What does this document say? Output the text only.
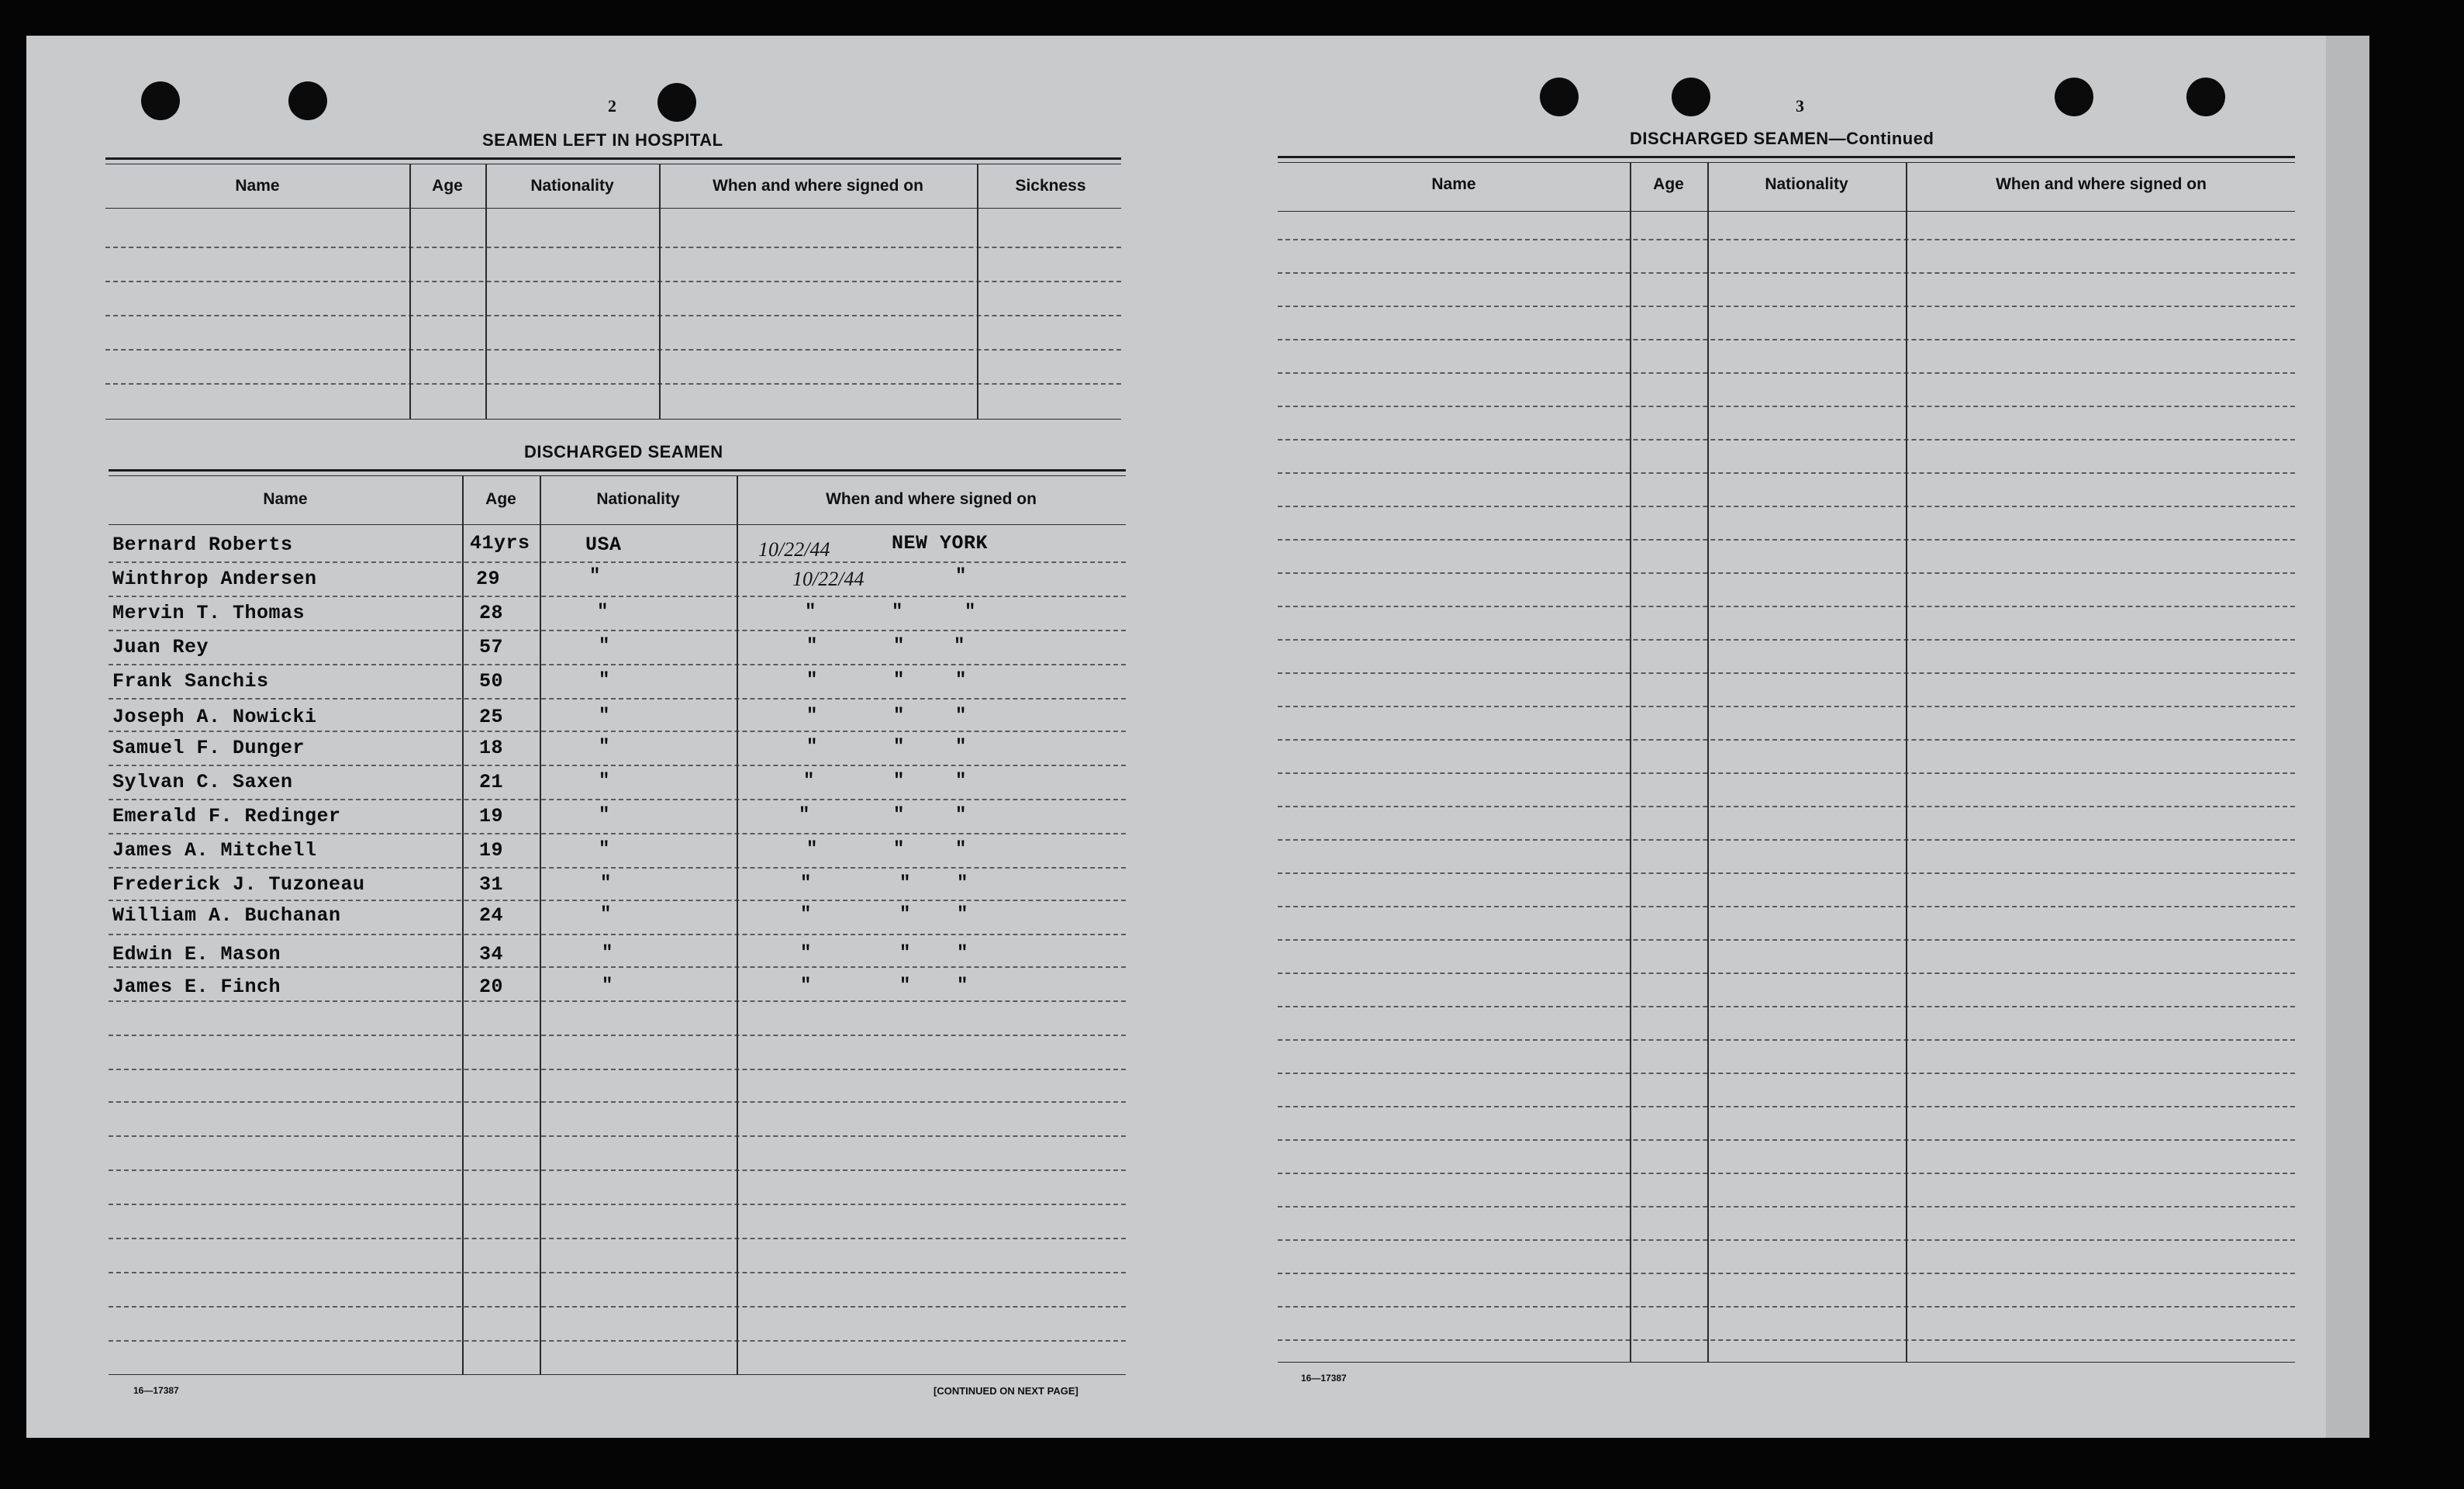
2
SEAMEN LEFT IN HOSPITAL
Name	Age	Nationality	When and where signed on	Sickness
DISCHARGED SEAMEN
Name	Age	Nationality	When and where signed on
Bernard Roberts	41yrs	USA	10/22/44	NEW YORK
Winthrop Andersen	29	"	10/22/44	"
Mervin T. Thomas	28	"	"	"	"
Juan Rey	57	"	"	"	"
Frank Sanchis	50	"	"	"	"
Joseph A. Nowicki	25	"	"	"	"
Samuel F. Dunger	18	"	"	"	"
Sylvan C. Saxen	21	"	"	"	"
Emerald F. Redinger	19	"	"	"	"
James A. Mitchell	19	"	"	"	"
Frederick J. Tuzoneau	31	"	"	" "
William A. Buchanan	24	"	"	" "
Edwin E. Mason	34	"	"	" "
James E. Finch	20	"	"	" "
16—17387	[CONTINUED ON NEXT PAGE]
3
DISCHARGED SEAMEN—Continued
Name	Age	Nationality	When and where signed on
16—17387
